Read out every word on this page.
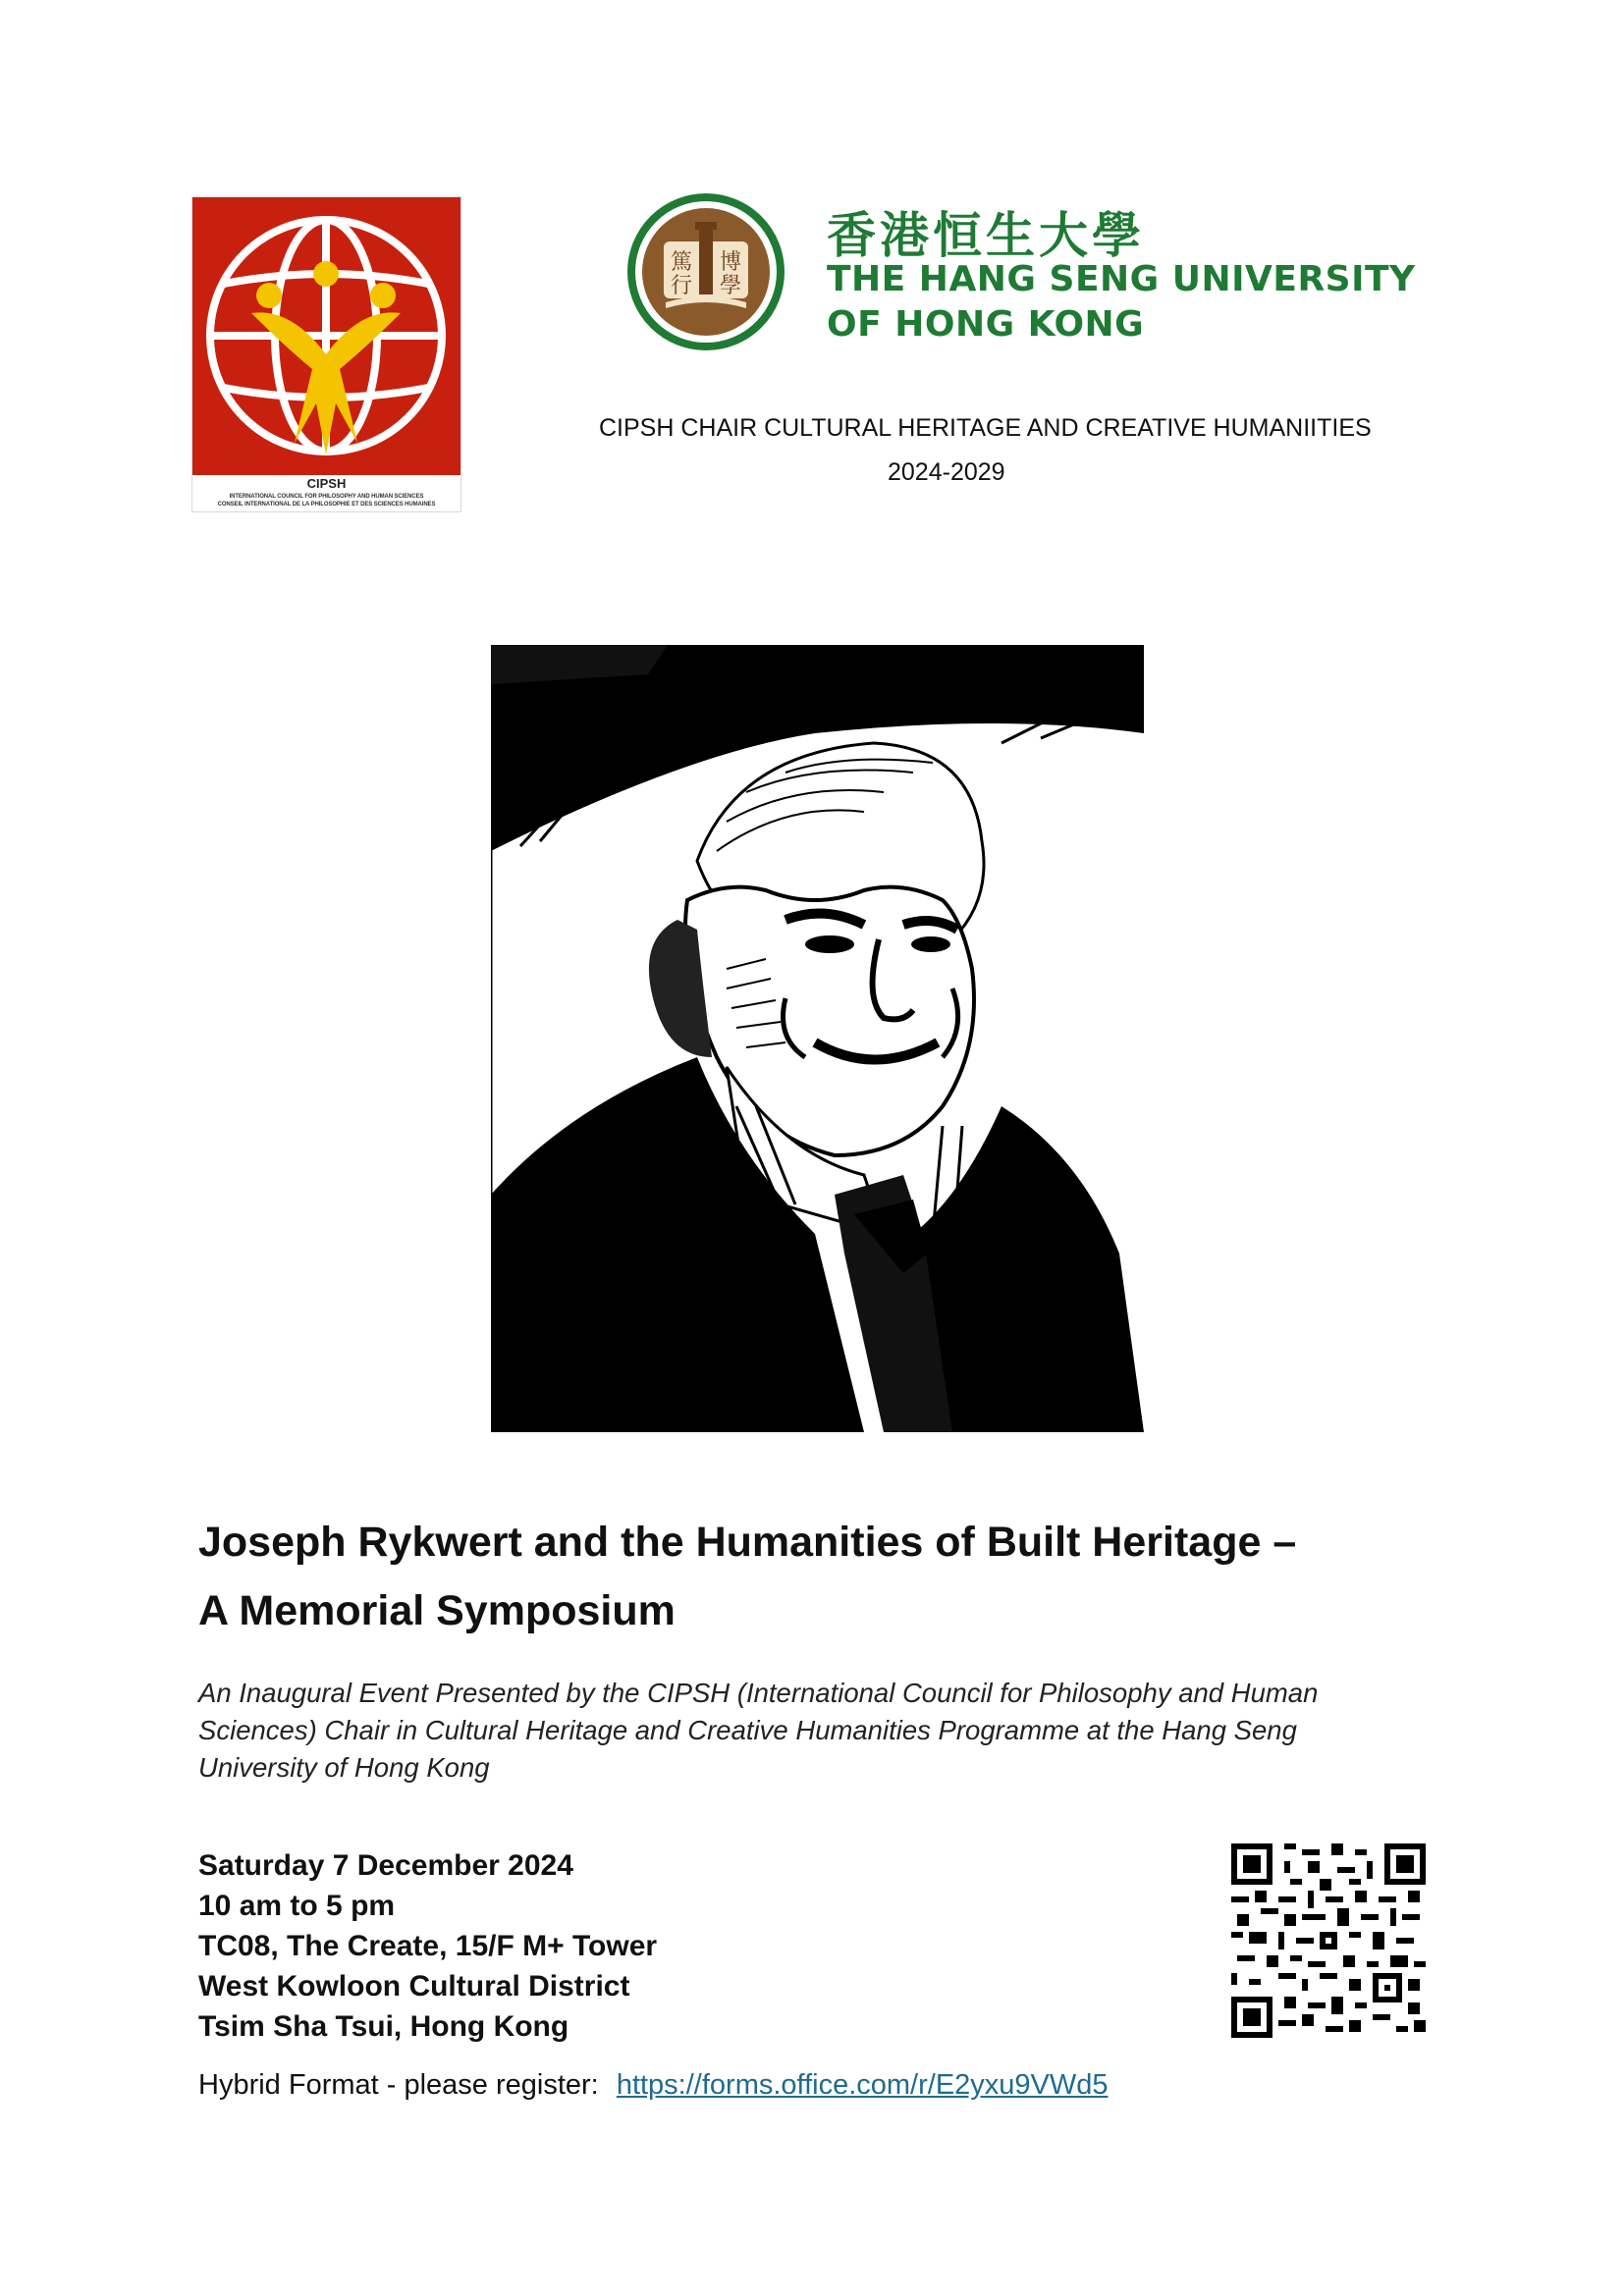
CIPSH
INTERNATIONAL COUNCIL FOR PHILOSOPHY AND HUMAN SCIENCES
CONSEIL INTERNATIONAL DE LA PHILOSOPHIE ET DES SCIENCES HUMAINES
篤 博
行 學
香港恒生大學
THE HANG SENG UNIVERSITY
OF HONG KONG
CIPSH CHAIR CULTURAL HERITAGE AND CREATIVE HUMANIITIES
2024-2029
Joseph Rykwert and the Humanities of Built Heritage –
A Memorial Symposium
An Inaugural Event Presented by the CIPSH (International Council for Philosophy and Human Sciences) Chair in Cultural Heritage and Creative Humanities Programme at the Hang Seng University of Hong Kong
Saturday 7 December 2024
10 am to 5 pm
TC08, The Create, 15/F M+ Tower
West Kowloon Cultural District
Tsim Sha Tsui, Hong Kong
Hybrid Format - please register: https://forms.office.com/r/E2yxu9VWd5
